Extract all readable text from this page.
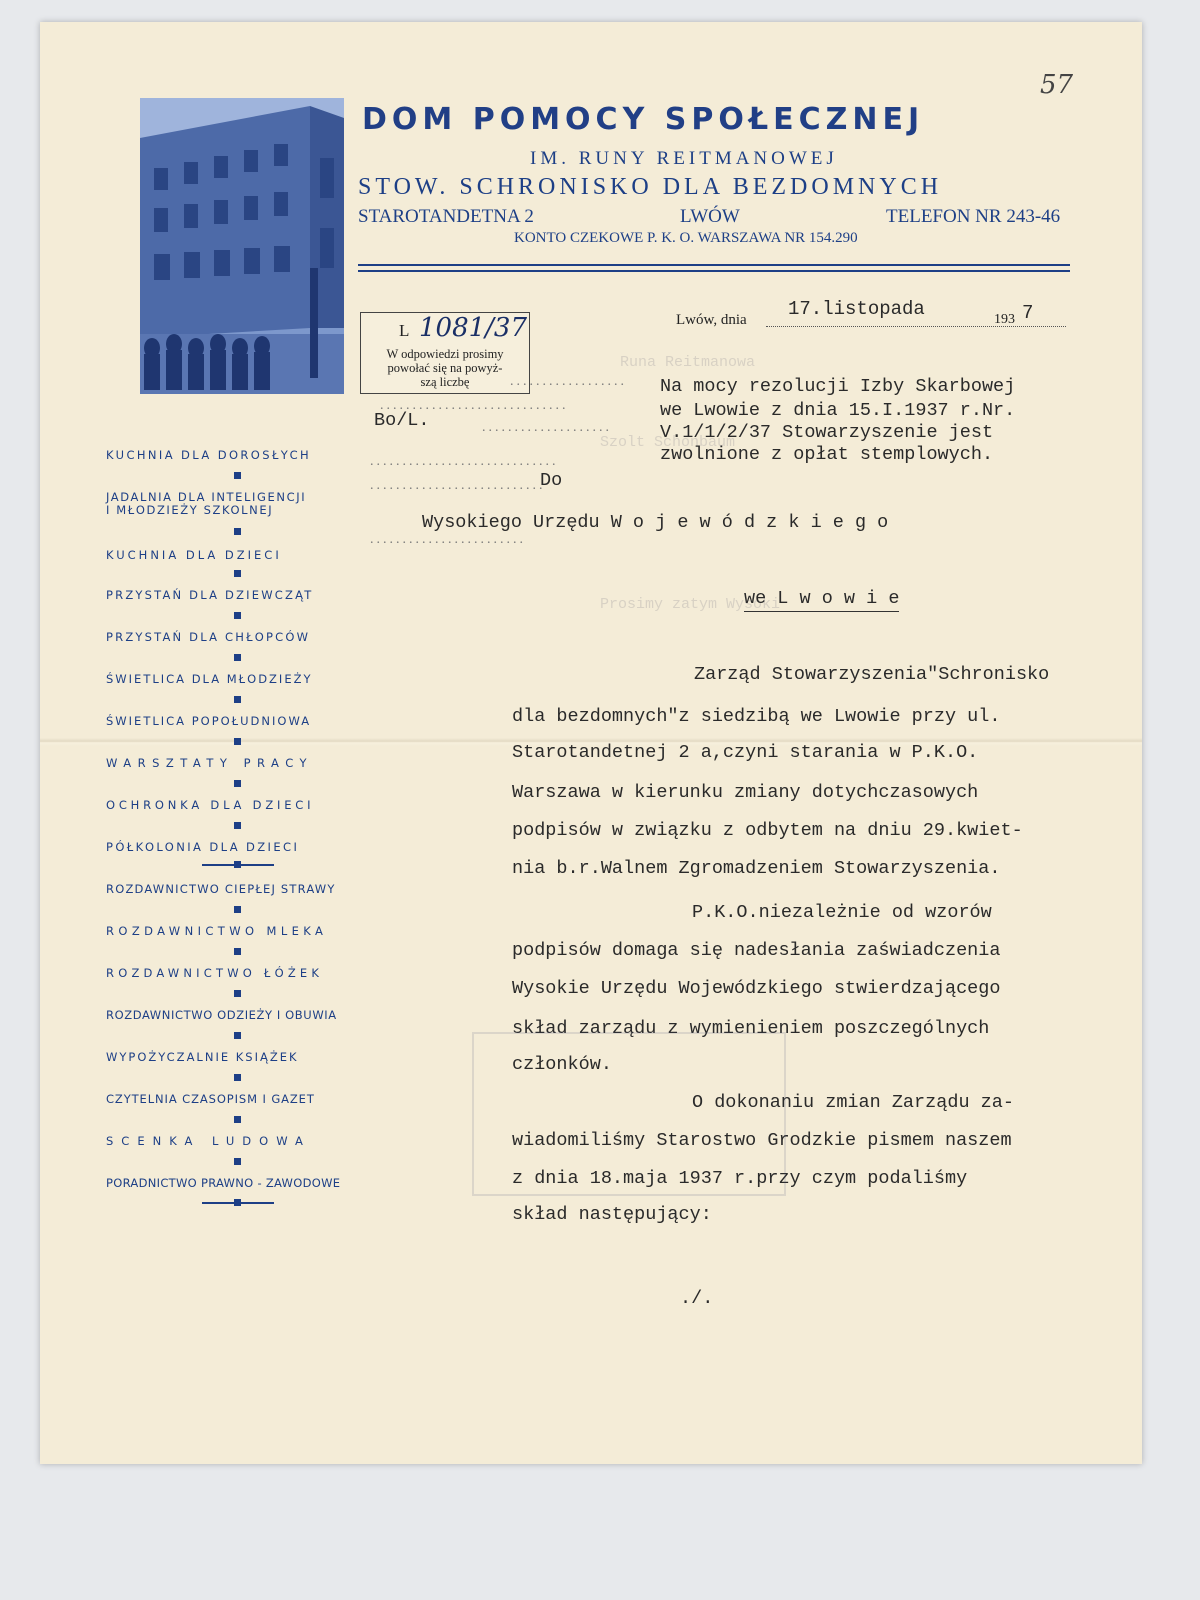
57
DOM POMOCY SPOŁECZNEJ
IM. RUNY REITMANOWEJ
STOW. SCHRONISKO DLA BEZDOMNYCH
STAROTANDETNA 2	LWÓW	TELEFON NR 243-46
KONTO CZEKOWE P. K. O. WARSZAWA NR 154.290
L 1081/37
W odpowiedzi prosimy
powołać się na powyż-
szą liczbę
Lwów, dnia 17.listopada	193 7
Runa Reitmanowa
Szolt Schönbaum
Prosimy zatym Wysoki
..................
.............................
....................
.............................
...........................
........................
Bo/L.
Na mocy rezolucji Izby Skarbowej
we Lwowie z dnia 15.I.1937 r.Nr.
V.1/1/2/37 Stowarzyszenie jest
zwolnione z opłat stemplowych.
Do
Wysokiego Urzędu W o j e w ó d z k i e g o
we L w o w i e
Zarząd Stowarzyszenia"Schronisko
dla bezdomnych"z siedzibą we Lwowie przy ul.
Starotandetnej 2 a,czyni starania w P.K.O.
Warszawa w kierunku zmiany dotychczasowych
podpisów w związku z odbytem na dniu 29.kwiet-
nia b.r.Walnem Zgromadzeniem Stowarzyszenia.
P.K.O.niezależnie od wzorów
podpisów domaga się nadesłania zaświadczenia
Wysokie Urzędu Wojewódzkiego stwierdzającego
skład zarządu z wymienieniem poszczególnych
członków.
O dokonaniu zmian Zarządu za-
wiadomiliśmy Starostwo Grodzkie pismem naszem
z dnia 18.maja 1937 r.przy czym podaliśmy
skład następujący:
./.
KUCHNIA DLA DOROSŁYCH
JADALNIA DLA INTELIGENCJI
I MŁODZIEŻY SZKOLNEJ
KUCHNIA DLA DZIECI
PRZYSTAŃ DLA DZIEWCZĄT
PRZYSTAŃ DLA CHŁOPCÓW
ŚWIETLICA DLA MŁODZIEŻY
ŚWIETLICA POPOŁUDNIOWA
WARSZTATY PRACY
OCHRONKA DLA DZIECI
PÓŁKOLONIA DLA DZIECI
ROZDAWNICTWO CIEPŁEJ STRAWY
ROZDAWNICTWO MLEKA
ROZDAWNICTWO ŁÓŻEK
ROZDAWNICTWO ODZIEŻY I OBUWIA
WYPOŻYCZALNIE KSIĄŻEK
CZYTELNIA CZASOPISM I GAZET
SCENKA LUDOWA
PORADNICTWO PRAWNO - ZAWODOWE
